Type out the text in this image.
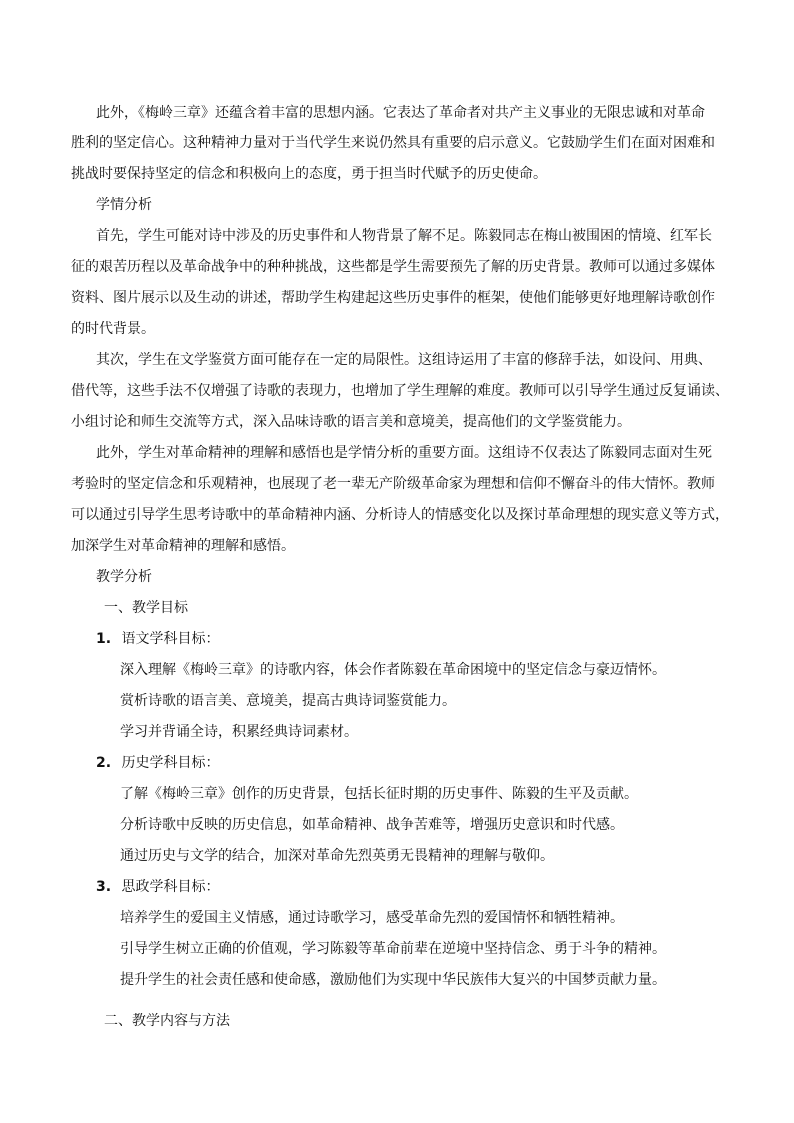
此外，《梅岭三章》还蕴含着丰富的思想内涵。它表达了革命者对共产主义事业的无限忠诚和对革命
胜利的坚定信心。这种精神力量对于当代学生来说仍然具有重要的启示意义。它鼓励学生们在面对困难和
挑战时要保持坚定的信念和积极向上的态度，勇于担当时代赋予的历史使命。
学情分析
首先，学生可能对诗中涉及的历史事件和人物背景了解不足。陈毅同志在梅山被围困的情境、红军长
征的艰苦历程以及革命战争中的种种挑战，这些都是学生需要预先了解的历史背景。教师可以通过多媒体
资料、图片展示以及生动的讲述，帮助学生构建起这些历史事件的框架，使他们能够更好地理解诗歌创作
的时代背景。
其次，学生在文学鉴赏方面可能存在一定的局限性。这组诗运用了丰富的修辞手法，如设问、用典、
借代等，这些手法不仅增强了诗歌的表现力，也增加了学生理解的难度。教师可以引导学生通过反复诵读、
小组讨论和师生交流等方式，深入品味诗歌的语言美和意境美，提高他们的文学鉴赏能力。
此外，学生对革命精神的理解和感悟也是学情分析的重要方面。这组诗不仅表达了陈毅同志面对生死
考验时的坚定信念和乐观精神，也展现了老一辈无产阶级革命家为理想和信仰不懈奋斗的伟大情怀。教师
可以通过引导学生思考诗歌中的革命精神内涵、分析诗人的情感变化以及探讨革命理想的现实意义等方式，
加深学生对革命精神的理解和感悟。
教学分析
一、教学目标
1. 语文学科目标：
深入理解《梅岭三章》的诗歌内容，体会作者陈毅在革命困境中的坚定信念与豪迈情怀。
赏析诗歌的语言美、意境美，提高古典诗词鉴赏能力。
学习并背诵全诗，积累经典诗词素材。
2. 历史学科目标：
了解《梅岭三章》创作的历史背景，包括长征时期的历史事件、陈毅的生平及贡献。
分析诗歌中反映的历史信息，如革命精神、战争苦难等，增强历史意识和时代感。
通过历史与文学的结合，加深对革命先烈英勇无畏精神的理解与敬仰。
3. 思政学科目标：
培养学生的爱国主义情感，通过诗歌学习，感受革命先烈的爱国情怀和牺牲精神。
引导学生树立正确的价值观，学习陈毅等革命前辈在逆境中坚持信念、勇于斗争的精神。
提升学生的社会责任感和使命感，激励他们为实现中华民族伟大复兴的中国梦贡献力量。
二、教学内容与方法
